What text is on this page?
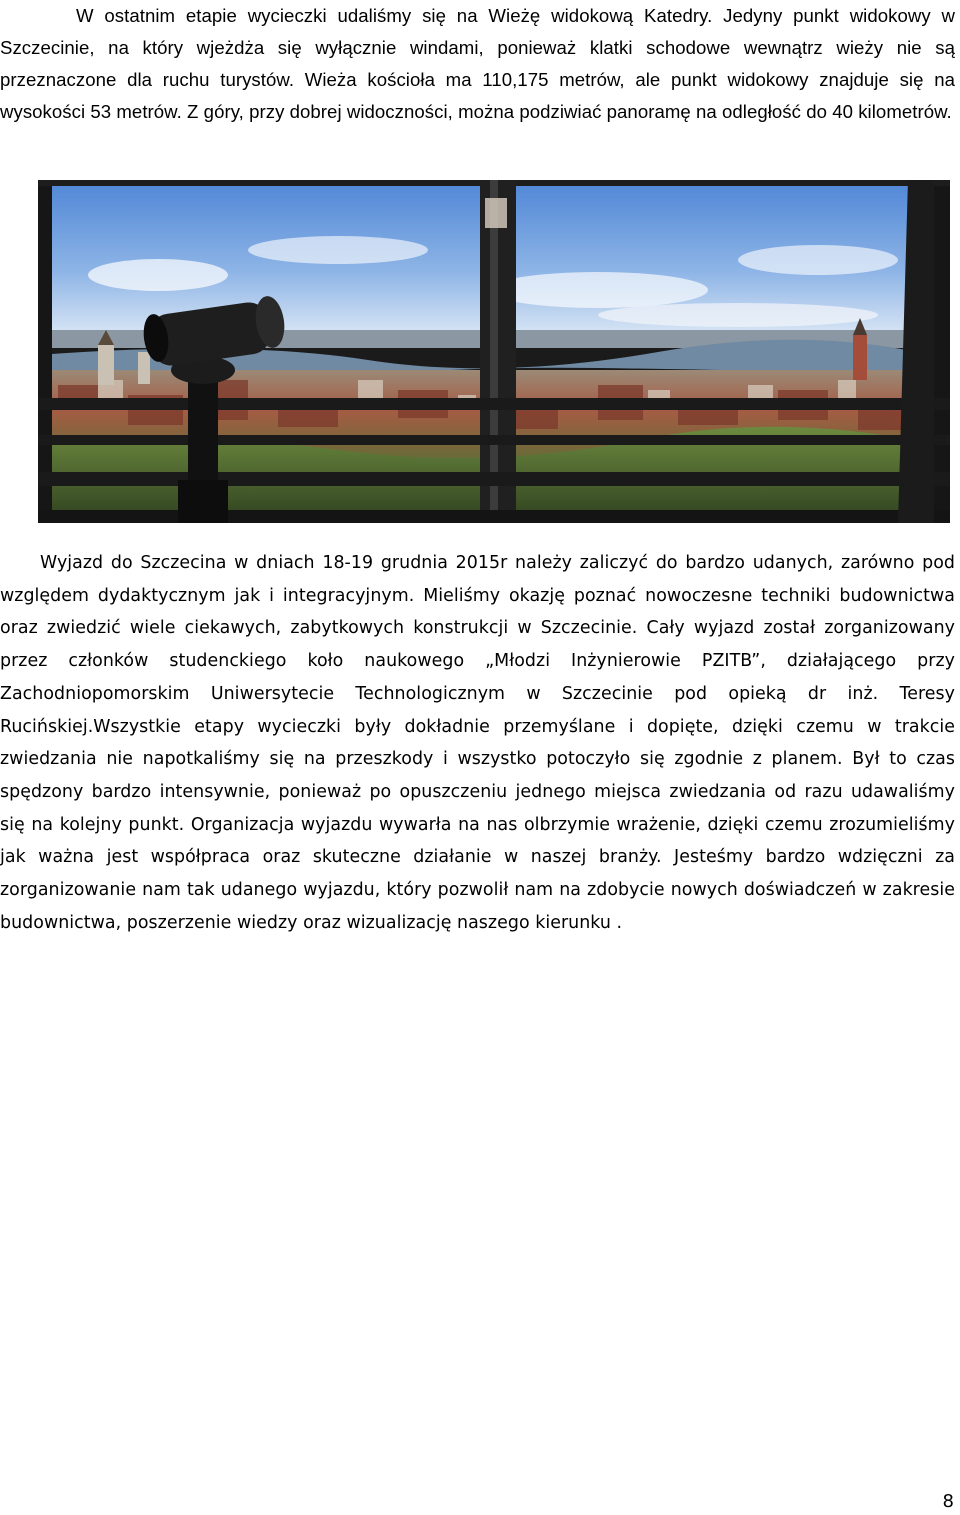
W ostatnim etapie wycieczki udaliśmy się na Wieżę widokową Katedry. Jedyny punkt widokowy w Szczecinie, na który wjeżdża się wyłącznie windami, ponieważ klatki schodowe wewnątrz wieży nie są przeznaczone dla ruchu turystów. Wieża kościoła ma 110,175 metrów, ale punkt widokowy znajduje się na wysokości 53 metrów. Z góry, przy dobrej widoczności, można podziwiać panoramę na odległość do 40 kilometrów.

Wyjazd do Szczecina w dniach 18-19 grudnia 2015r należy zaliczyć do bardzo udanych, zarówno pod względem dydaktycznym jak i integracyjnym. Mieliśmy okazję poznać nowoczesne techniki budownictwa oraz zwiedzić wiele ciekawych, zabytkowych konstrukcji w Szczecinie. Cały wyjazd został zorganizowany przez członków studenckiego koło naukowego „Młodzi Inżynierowie PZITB”, działającego przy Zachodniopomorskim Uniwersytecie Technologicznym w Szczecinie pod opieką dr inż. Teresy Rucińskiej.Wszystkie etapy wycieczki były dokładnie przemyślane i dopięte, dzięki czemu w trakcie zwiedzania nie napotkaliśmy się na przeszkody i wszystko potoczyło się zgodnie z planem. Był to czas spędzony bardzo intensywnie, ponieważ po opuszczeniu jednego miejsca zwiedzania od razu udawaliśmy się na kolejny punkt. Organizacja wyjazdu wywarła na nas olbrzymie wrażenie, dzięki czemu zrozumieliśmy jak ważna jest współpraca oraz skuteczne działanie w naszej branży. Jesteśmy bardzo wdzięczni za zorganizowanie nam tak udanego wyjazdu, który pozwolił nam na zdobycie nowych doświadczeń w zakresie budownictwa, poszerzenie wiedzy oraz wizualizację naszego kierunku .

8
